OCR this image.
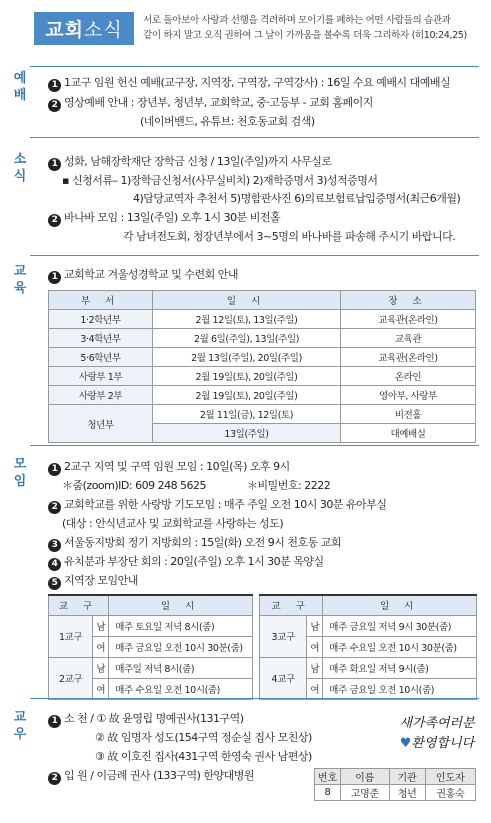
교회 소식 서로 돌아보아 사랑과 선행을 격려하며 모이기를 폐하는 어떤 사람들의 습관과
같이 하지 말고 오직 권하여 그 날이 가까움을 볼수록 더욱 그리하자 (히10:24,25)
예배
1 1교구 임원 헌신 예배(교구장, 지역장, 구역장, 구역강사) : 16일 수요 예배시 대예배실
2 영상예배 안내 : 장년부, 청년부, 교회학교, 중·고등부 - 교회 홈페이지
(네이버밴드, 유튜브: 천호동교회 검색)
소식
1 성화, 남해장학재단 장학금 신청 / 13일(주일)까지 사무실로
▪ 신청서류– 1)장학금신청서(사무실비치) 2)재학증명서 3)성적증명서
4)담당교역자 추천서 5)명함판사진 6)의료보험료납입증명서(최근6개월)
2 바나바 모임 : 13일(주일) 오후 1시 30분 비전홀
각 남녀전도회, 청장년부에서 3~5명의 바나바를 파송해 주시기 바랍니다.
교육
1 교회학교 겨울성경학교 및 수련회 안내
부 서	일 시	장 소
1·2학년부	2월 12일(토), 13일(주일)	교육관(온라인)
3·4학년부	2월 6일(주일), 13일(주일)	교육관
5·6학년부	2월 13일(주일), 20일(주일)	교육관(온라인)
사랑부 1부	2월 19일(토), 20일(주일)	온라인
사랑부 2부	2월 19일(토), 20일(주일)	영아부, 사랑부
청년부	2월 11일(금), 12일(토)	비전홀
	13일(주일)	대예배실
모임
1 2교구 지역 및 구역 임원 모임 : 10일(목) 오후 9시
＊줌(zoom)ID: 609 248 5625	＊비밀번호: 2222
2 교회학교를 위한 사랑방 기도모임 : 매주 주일 오전 10시 30분 유아부실
(대상 : 안식년교사 및 교회학교를 사랑하는 성도)
3 서울동지방회 정기 지방회의 : 15일(화) 오전 9시 천호동 교회
4 유치분과 부장단 회의 : 20일(주일) 오후 1시 30분 목양실
5 지역장 모임안내
교 구		일 시
1교구	남	매주 토요일 저녁 8시(줌)
	여	매주 금요일 오전 10시 30분(줌)
2교구	남	매주일 저녁 8시(줌)
	여	매주 수요일 오전 10시(줌)
교 구		일 시
3교구	남	매주 금요일 저녁 9시 30분(줌)
	여	매주 수요일 오전 10시 30분(줌)
4교구	남	매주 화요일 저녁 9시(줌)
	여	매주 금요일 오전 10시(줌)
교우
1 소 천 / ① 故 윤영립 명예권사(131구역)
② 故 임명자 성도(154구역 정순실 집사 모친상)
③ 故 이호진 집사(431구역 한영숙 권사 남편상)
2 입 원 / 이금례 권사 (133구역) 한양대병원
새가족여러분
♥환영합니다
번호	이름	기관	인도자
8	고명준	청년	권홍숙
